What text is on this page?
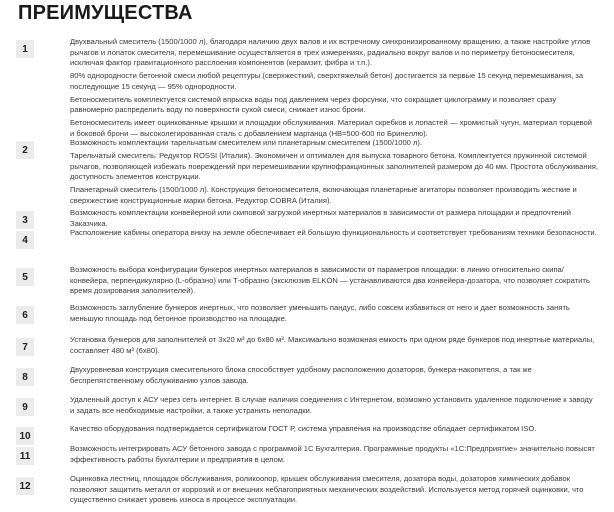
ПРЕИМУЩЕСТВА
1

Двухвальный смеситель (1500/1000 л), благодаря наличию двух валов и их встречному синхронизированному вращению, а также настройке углов рычагов и лопаток смесителя, перемешивание осуществляется в трех измерениях, радиально вокруг валов и по периметру бетоносмесителя, исключая фактор гравитационного расслоения компонентов (керамзит, фибра и т.п.).

80% однородности бетонной смеси любой рецептуры (сверхжесткий, сверхтяжелый бетон) достигается за первые 15 секунд перемешивания, за последующие 15 секунд — 95% однородности.

Бетоносмеситель комплектуется системой впрыска воды под давлением через форсунки, что сокращает циклограмму и позволяет сразу равномерно распределить воду по поверхности сухой смеси, снижает износ брони.

Бетоносмеситель имеет оцинкованные крышки и площадки обслуживания. Материал скребков и лопастей — хромистый чугун, материал торцевой и боковой брони — высоколегированная сталь с добавлением марганца (HB=500-600 по Бринеллю).

2

Возможность комплектации тарельчатым смесителем или планетарным смесителем (1500/1000 л).

Тарельчатый смеситель: Редуктор ROSSI (Италия). Экономичен и оптимален для выпуска товарного бетона. Комплектуется пружинной системой рычагов, позволяющей избежать повреждений при перемешивании крупнофракционных заполнителей размером до 40 мм. Простота обслуживания, доступность элементов конструкции.

Планетарный смеситель (1500/1000 л). Конструкция бетоносмесителя, включающая планетарные агитаторы позволяет производить жесткие и сверхжесткие конструкционные марки бетона. Редуктор COBRA (Италия).

3

Возможность комплектации конвейерной или скиповой загрузкой инертных материалов в зависимости от размера площадки и предпочтений Заказчика.

4

Расположение кабины оператора внизу на земле обеспечивает ей большую функциональность и соответствует требованиям техники безопасности.

5

Возможность выбора конфигурации бункеров инертных материалов в зависимости от параметров площадки: в линию относительно скипа/конвейера, перпендикулярно (L-образно) или Т-образно (эксклюзив ELKON — устанавливаются два конвейера-дозатора, что позволяет сократить время дозирования заполнителей).

6

Возможность заглубление бункеров инертных, что позволяет уменьшить пандус, либо совсем избавиться от него и дает возможность занять меньшую площадь под бетонное производство на площадке.

7

Установка бункеров для заполнителей от 3х20 м³ до 6х80 м³. Максимально возможная емкость при одном ряде бункеров под инертные материалы, составляет 480 м³ (6х80).

8

Двухуровневая конструкция смесительного блока способствует удобному расположению дозаторов, бункера-накопителя, а так же беспрепятственному обслуживанию узлов завода.

9

Удаленный доступ к АСУ через сеть интернет. В случае наличия соединения с Интернетом, возможно установить удаленное подключение к заводу и задать все необходимые настройки, а также устранить неполадки.

10

Качество оборудования подтверждается сертификатом ГОСТ Р, система управления на производстве обладает сертификатом ISO.

11

Возможность интегрировать АСУ бетонного завода с программой 1С Бухгалтерия. Программные продукты «1С:Предприятие» значительно повысят эффективность работы бухгалтерии и предприятия в целом.

12

Оцинковка лестниц, площадок обслуживания, роликоопор, крышек обслуживания смесителя, дозатора воды, дозаторов химических добавок позволяют защитить металл от коррозий и от внешних неблагоприятных механических воздействий. Используется метод горячей оцинковки, что существенно снижает уровень износа в процессе эксплуатации.
